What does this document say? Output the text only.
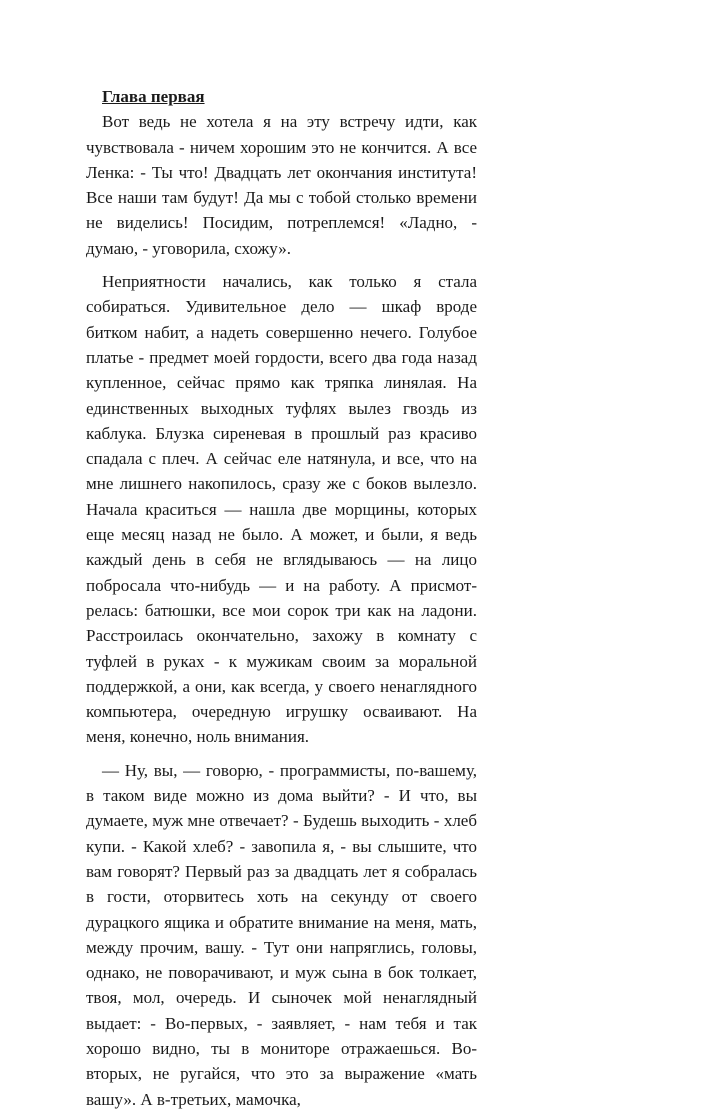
Глава первая

Вот ведь не хотела я на эту встречу идти, как чувствовала - ничем хорошим это не кончится. А все Ленка: - Ты что! Двадцать лет окончания института! Все наши там будут! Да мы с тобой столько времени не виделись! Посидим, потреплемся! «Ладно, - думаю, - уговорила, схожу».

Неприятности начались, как только я стала собираться. Удивительное дело — шкаф вроде битком набит, а надеть совершенно нечего. Голубое платье - предмет моей гордости, всего два года назад купленное, сейчас прямо как тряпка линялая. На единственных выходных туфлях вылез гвоздь из каблука. Блузка сиреневая в прошлый раз красиво спадала с плеч. А сейчас еле натянула, и все, что на мне лишнего накопилось, сразу же с боков вылезло. Начала краситься — нашла две морщины, которых еще месяц назад не было. А может, и были, я ведь каждый день в себя не вглядываюсь — на лицо побросала что-нибудь — и на работу. А присмотрелась: батюшки, все мои сорок три как на ладони. Расстроилась окончательно, захожу в комнату с туфлей в руках - к мужикам своим за моральной поддержкой, а они, как всегда, у своего ненаглядного компьютера, очередную игрушку осваивают. На меня, конечно, ноль внимания.

— Ну, вы, — говорю, - программисты, по-вашему, в таком виде можно из дома выйти? - И что, вы думаете, муж мне отвечает? - Будешь выходить - хлеб купи. - Какой хлеб? - завопила я, - вы слышите, что вам говорят? Первый раз за двадцать лет я собралась в гости, оторвитесь хоть на секунду от своего дурацкого ящика и обратите внимание на меня, мать, между прочим, вашу. - Тут они напряглись, головы, однако, не поворачивают, и муж сына в бок толкает, твоя, мол, очередь. И сыночек мой ненаглядный выдает: - Во-первых, - заявляет, - нам тебя и так хорошо видно, ты в мониторе отражаешься. Во-вторых, не ругайся, что это за выражение «мать вашу». А в-третьих, мамочка,
